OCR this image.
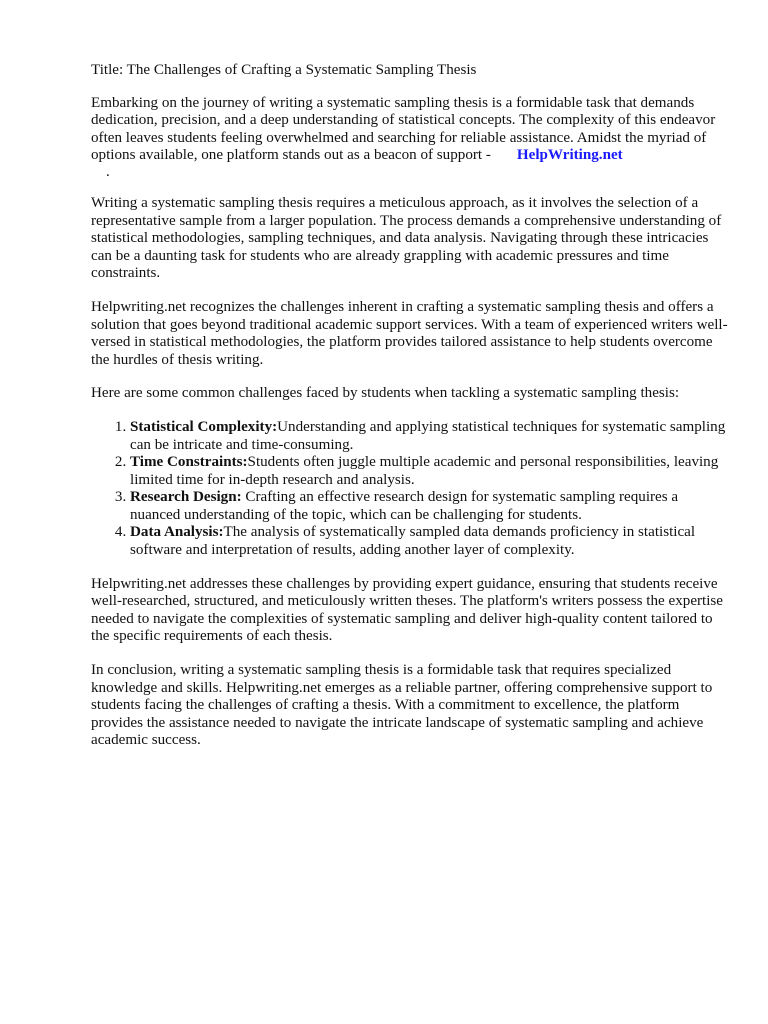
Title: The Challenges of Crafting a Systematic Sampling Thesis

Embarking on the journey of writing a systematic sampling thesis is a formidable task that demands dedication, precision, and a deep understanding of statistical concepts. The complexity of this endeavor often leaves students feeling overwhelmed and searching for reliable assistance. Amidst the myriad of options available, one platform stands out as a beacon of support - HelpWriting.net
.

Writing a systematic sampling thesis requires a meticulous approach, as it involves the selection of a representative sample from a larger population. The process demands a comprehensive understanding of statistical methodologies, sampling techniques, and data analysis. Navigating through these intricacies can be a daunting task for students who are already grappling with academic pressures and time constraints.

Helpwriting.net recognizes the challenges inherent in crafting a systematic sampling thesis and offers a solution that goes beyond traditional academic support services. With a team of experienced writers well-versed in statistical methodologies, the platform provides tailored assistance to help students overcome the hurdles of thesis writing.

Here are some common challenges faced by students when tackling a systematic sampling thesis:

1. Statistical Complexity:Understanding and applying statistical techniques for systematic sampling can be intricate and time-consuming.
2. Time Constraints:Students often juggle multiple academic and personal responsibilities, leaving limited time for in-depth research and analysis.
3. Research Design: Crafting an effective research design for systematic sampling requires a nuanced understanding of the topic, which can be challenging for students.
4. Data Analysis:The analysis of systematically sampled data demands proficiency in statistical software and interpretation of results, adding another layer of complexity.

Helpwriting.net addresses these challenges by providing expert guidance, ensuring that students receive well-researched, structured, and meticulously written theses. The platform's writers possess the expertise needed to navigate the complexities of systematic sampling and deliver high-quality content tailored to the specific requirements of each thesis.

In conclusion, writing a systematic sampling thesis is a formidable task that requires specialized knowledge and skills. Helpwriting.net emerges as a reliable partner, offering comprehensive support to students facing the challenges of crafting a thesis. With a commitment to excellence, the platform provides the assistance needed to navigate the intricate landscape of systematic sampling and achieve academic success.
